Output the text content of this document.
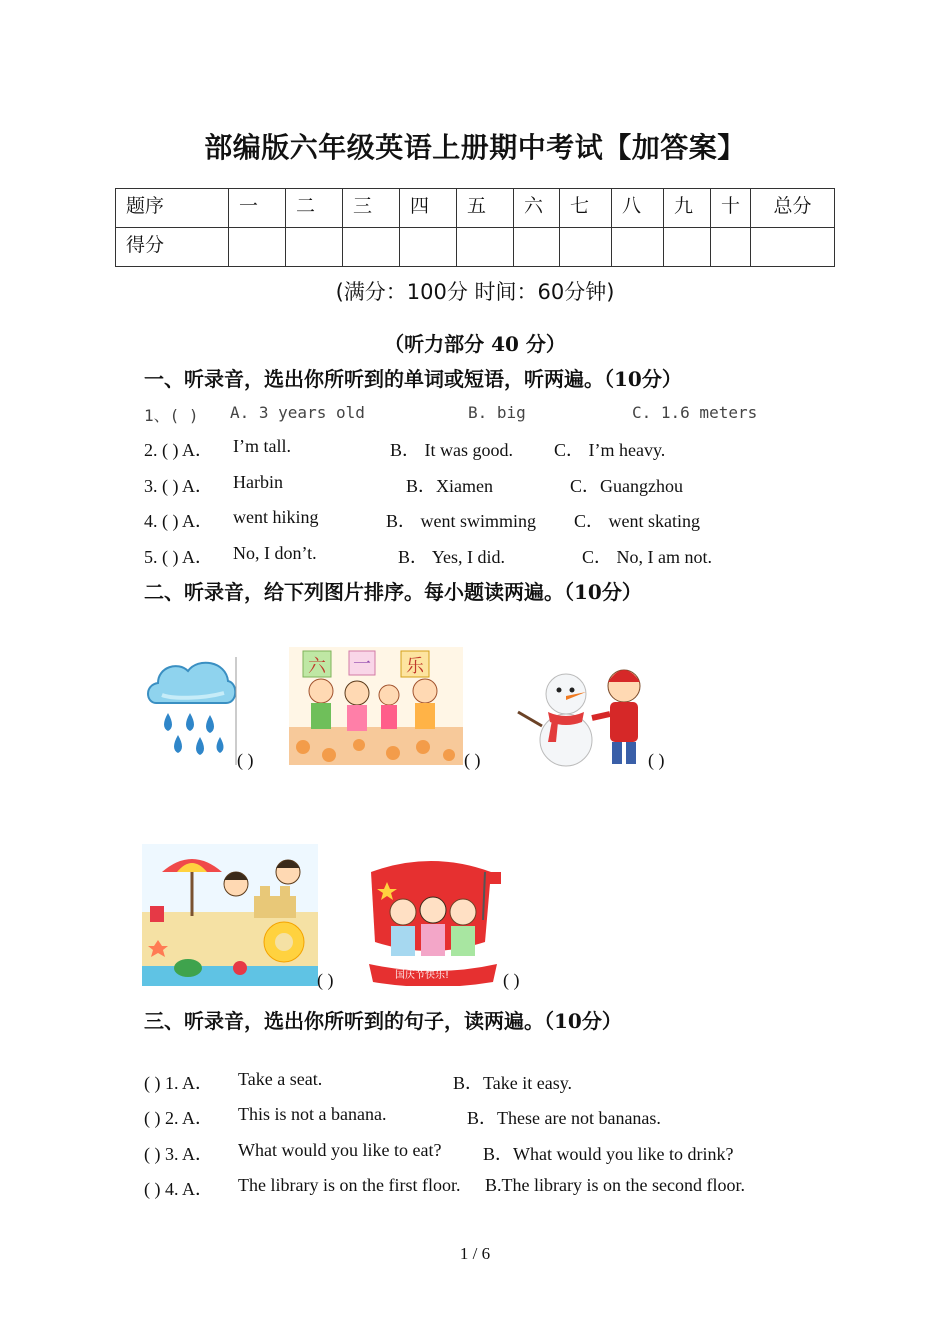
部编版六年级英语上册期中考试【加答案】
题序	一	二	三	四	五	六	七	八	九	十	总分
得分											
(满分：100分 时间：60分钟)
（听力部分 40 分）
一、听录音，选出你所听到的单词或短语，听两遍。（10分）
1、( ) A. 3 years old	B. big	C. 1.6 meters
2. ( ) A． I’m tall.	B． It was good. C． I’m heavy.
3. ( ) A． Harbin	B．Xiamen	C．Guangzhou
4. ( ) A． went hiking	B． went swimming C． went skating
5. ( ) A． No, I don’t.	B． Yes, I did.	C． No, I am not.
二、听录音，给下列图片排序。每小题读两遍。（10分）
( )
六 一 乐
( )	( )
( )	国庆节快乐!	( )
三、听录音，选出你所听到的句子，读两遍。（10分）
( ) 1. A． Take a seat.	B．Take it easy.
( ) 2. A． This is not a banana.	B．These are not bananas.
( ) 3. A． What would you like to eat? B．What would you like to drink?
( ) 4. A． The library is on the first floor. B.The library is on the second floor.
1 / 6
